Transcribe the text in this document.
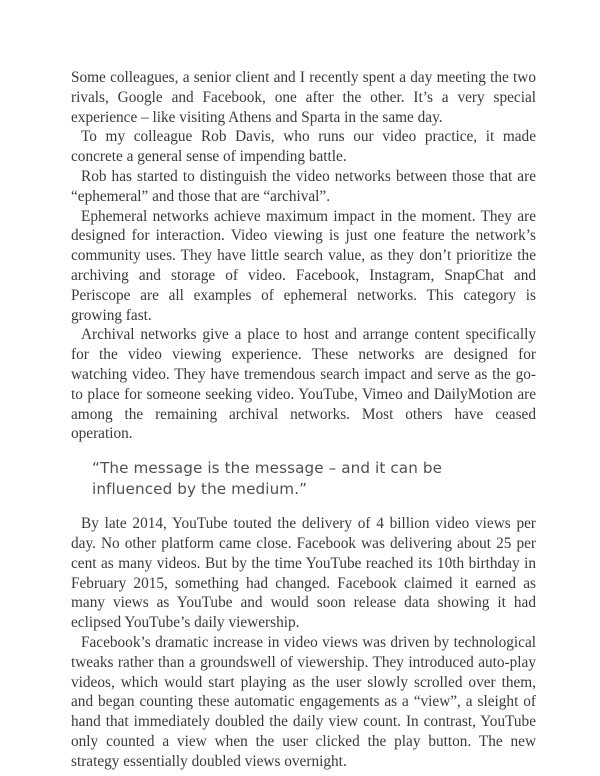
Some colleagues, a senior client and I recently spent a day meeting the two rivals, Google and Facebook, one after the other. It’s a very special experience – like visiting Athens and Sparta in the same day.

To my colleague Rob Davis, who runs our video practice, it made concrete a general sense of impending battle.

Rob has started to distinguish the video networks between those that are “ephemeral” and those that are “archival”.

Ephemeral networks achieve maximum impact in the moment. They are designed for interaction. Video viewing is just one feature the network’s community uses. They have little search value, as they don’t prioritize the archiving and storage of video. Facebook, Instagram, SnapChat and Periscope are all examples of ephemeral networks. This category is growing fast.

Archival networks give a place to host and arrange content specifically for the video viewing experience. These networks are designed for watching video. They have tremendous search impact and serve as the go-to place for someone seeking video. YouTube, Vimeo and DailyMotion are among the remaining archival networks. Most others have ceased operation.

“The message is the message – and it can be influenced by the medium.”

By late 2014, YouTube touted the delivery of 4 billion video views per day. No other platform came close. Facebook was delivering about 25 per cent as many videos. But by the time YouTube reached its 10th birthday in February 2015, something had changed. Facebook claimed it earned as many views as YouTube and would soon release data showing it had eclipsed YouTube’s daily viewership.

Facebook’s dramatic increase in video views was driven by technological tweaks rather than a groundswell of viewership. They introduced auto-play videos, which would start playing as the user slowly scrolled over them, and began counting these automatic engagements as a “view”, a sleight of hand that immediately doubled the daily view count. In contrast, YouTube only counted a view when the user clicked the play button. The new strategy essentially doubled views overnight.
